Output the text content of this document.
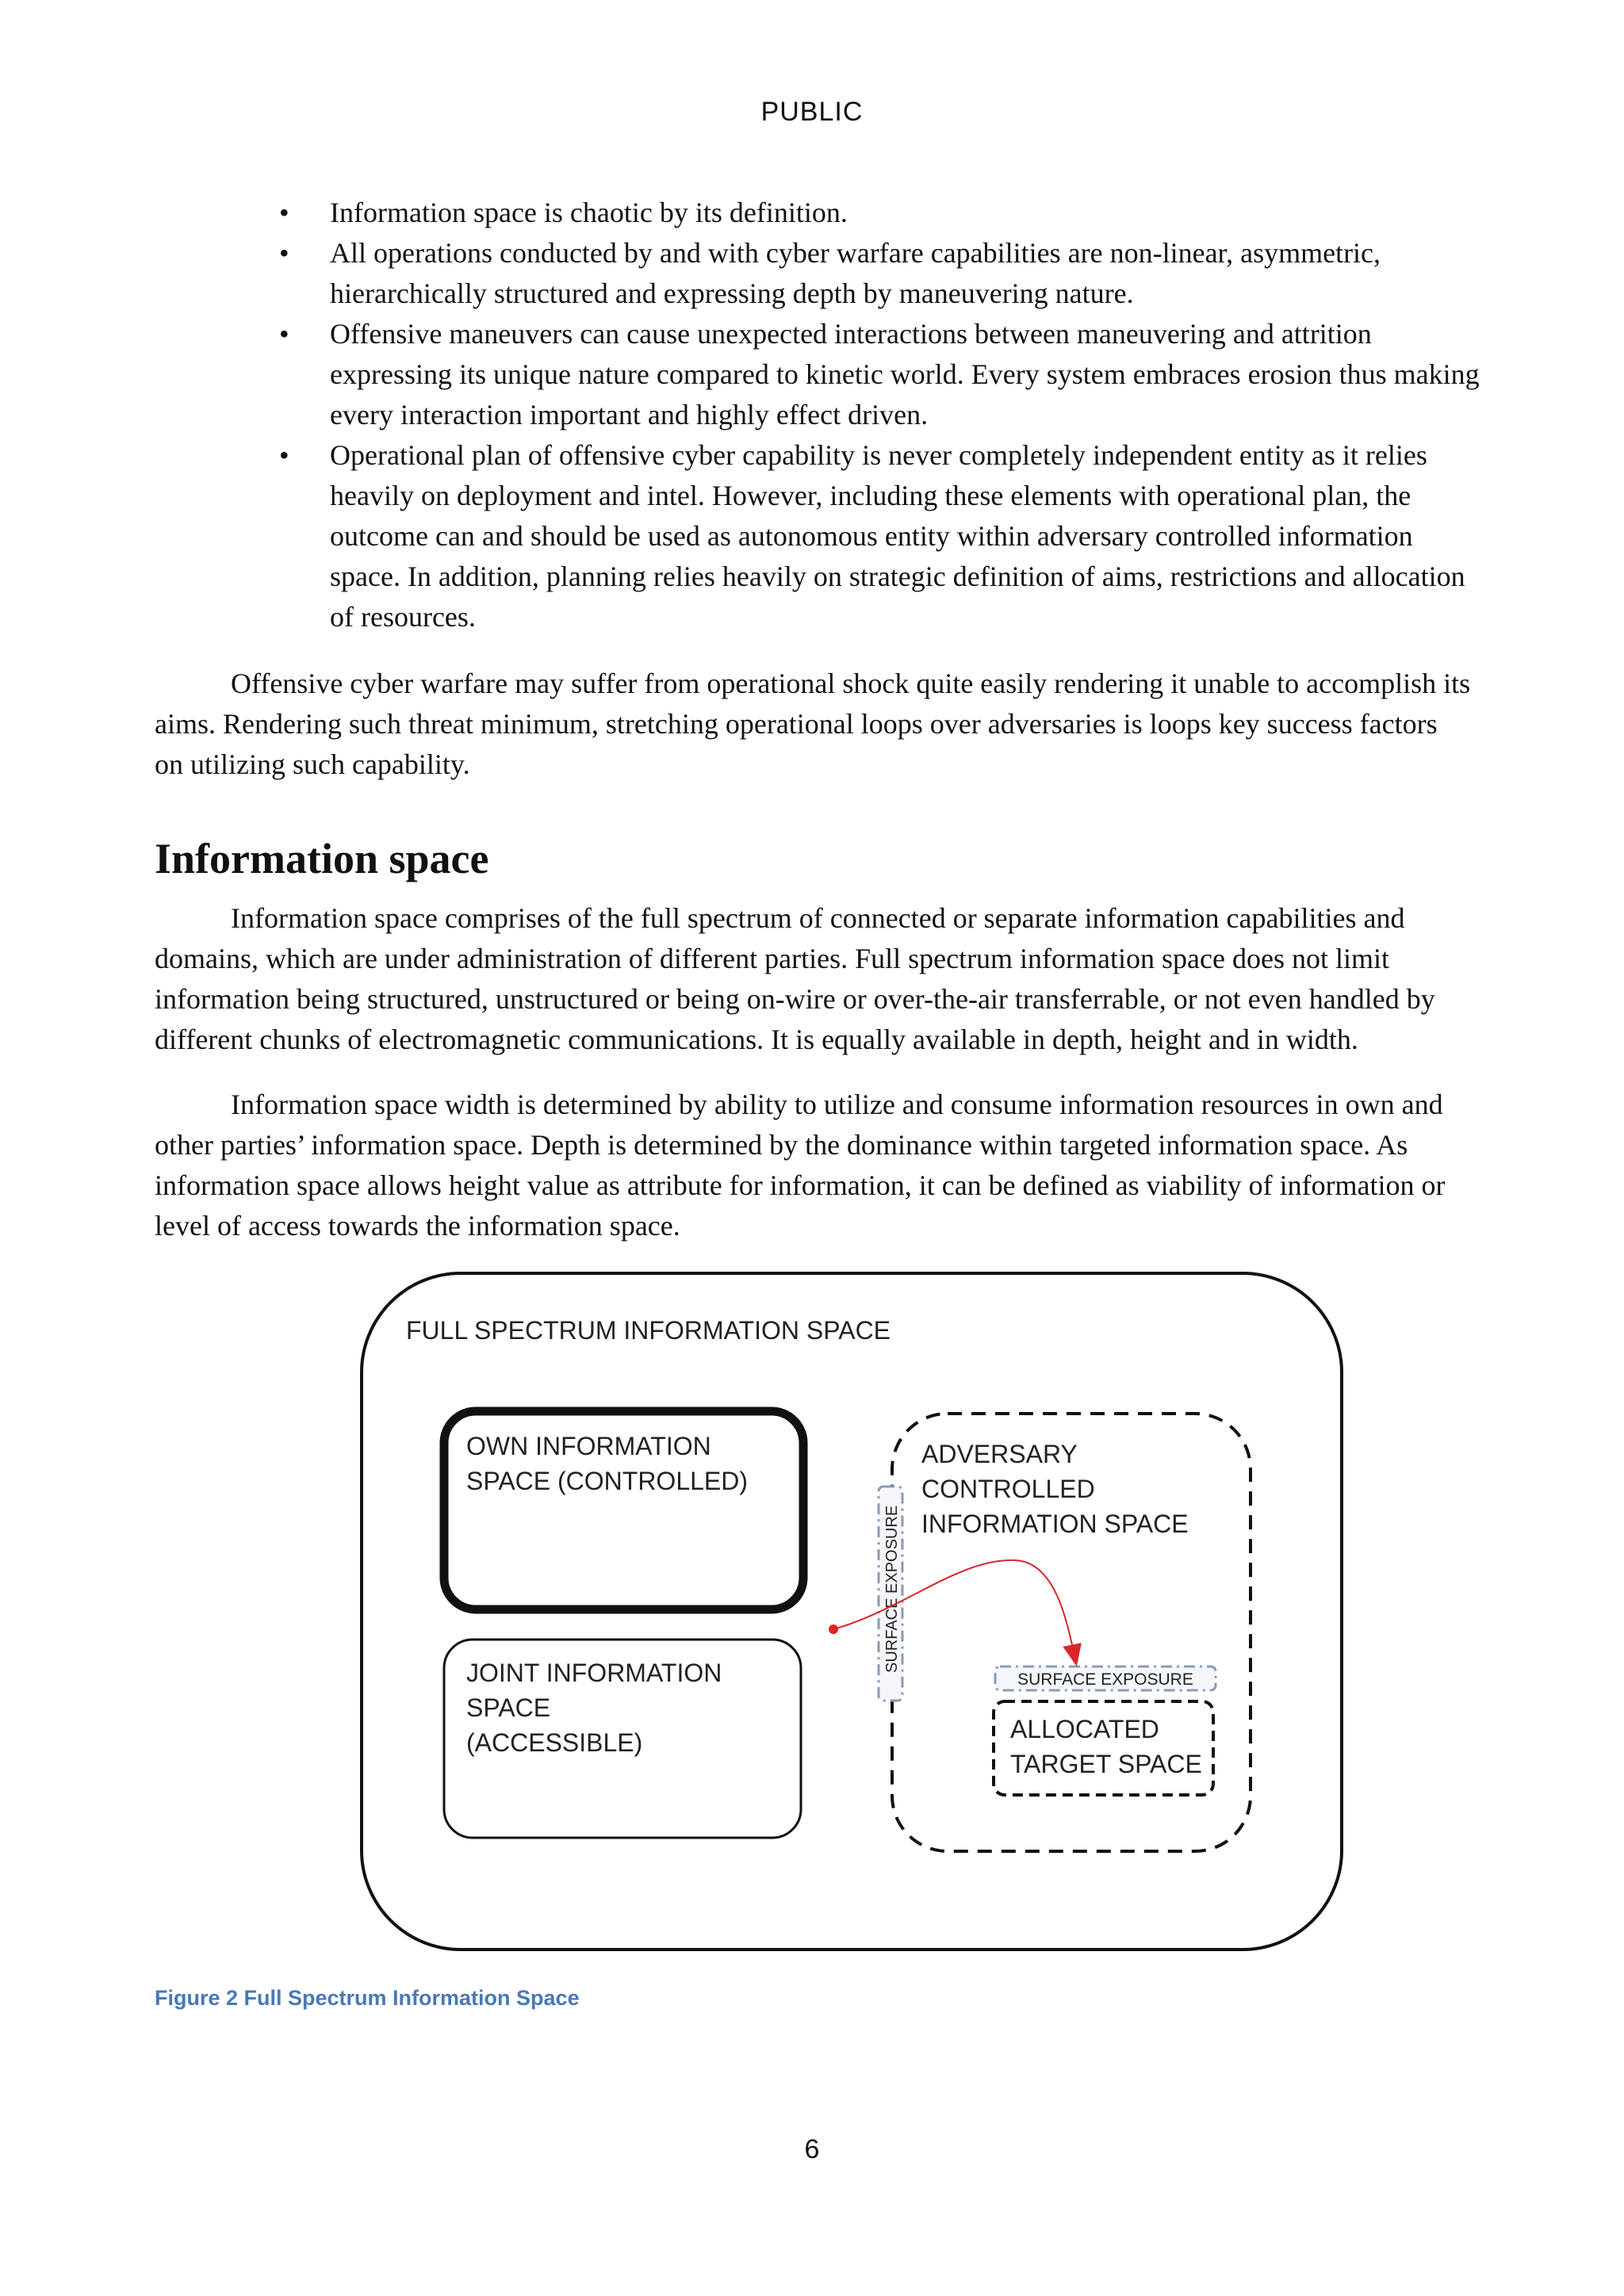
PUBLIC
• Information space is chaotic by its definition.
• All operations conducted by and with cyber warfare capabilities are non-linear, asymmetric, hierarchically structured and expressing depth by maneuvering nature.
• Offensive maneuvers can cause unexpected interactions between maneuvering and attrition expressing its unique nature compared to kinetic world. Every system embraces erosion thus making every interaction important and highly effect driven.
• Operational plan of offensive cyber capability is never completely independent entity as it relies heavily on deployment and intel. However, including these elements with operational plan, the outcome can and should be used as autonomous entity within adversary controlled information space. In addition, planning relies heavily on strategic definition of aims, restrictions and allocation of resources.

Offensive cyber warfare may suffer from operational shock quite easily rendering it unable to accomplish its aims. Rendering such threat minimum, stretching operational loops over adversaries is loops key success factors on utilizing such capability.

Information space

Information space comprises of the full spectrum of connected or separate information capabilities and domains, which are under administration of different parties. Full spectrum information space does not limit information being structured, unstructured or being on-wire or over-the-air transferrable, or not even handled by different chunks of electromagnetic communications. It is equally available in depth, height and in width.

Information space width is determined by ability to utilize and consume information resources in own and other parties’ information space. Depth is determined by the dominance within targeted information space. As information space allows height value as attribute for information, it can be defined as viability of information or level of access towards the information space.

FULL SPECTRUM INFORMATION SPACE
OWN INFORMATION
SPACE (CONTROLLED)
JOINT INFORMATION
SPACE
(ACCESSIBLE)
ADVERSARY
CONTROLLED
INFORMATION SPACE
SURFACE EXPOSURE
SURFACE EXPOSURE
ALLOCATED
TARGET SPACE
Figure 2 Full Spectrum Information Space
6
